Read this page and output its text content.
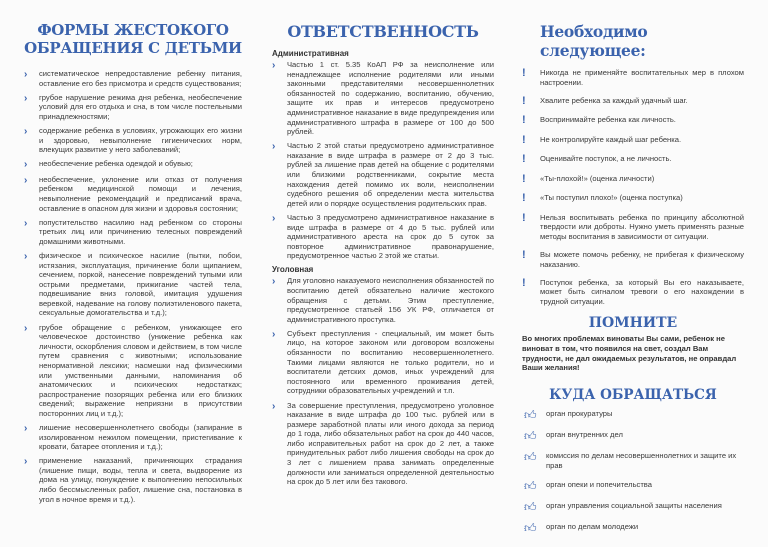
ФОРМЫ ЖЕСТОКОГО ОБРАЩЕНИЯ С ДЕТЬМИ
›	систематическое непредоставление ребенку питания, оставление его без присмотра и средств существования;
›	грубое нарушение режима дня ребенка, необеспечение условий для его отдыха и сна, в том числе постельными принадлежностями;
›	содержание ребенка в условиях, угрожающих его жизни и здоровью, невыполнение гигиенических норм, влекущих развитие у него заболеваний;
›	необеспечение ребенка одеждой и обувью;
›	необеспечение, уклонение или отказ от получения ребенком медицинской помощи и лечения, невыполнение рекомендаций и предписаний врача, оставление в опасном для жизни и здоровья состоянии;
›	попустительство насилию над ребенком со стороны третьих лиц или причинению телесных повреждений домашними животными.
›	физическое и психическое насилие (пытки, побои, истязания, эксплуатация, причинение боли щипанием, сечением, поркой, нанесение повреждений тупыми или острыми предметами, прижигание частей тела, подвешивание вниз головой, имитация удушения веревкой, надевание на голову полиэтиленового пакета, сексуальные домогательства и т.д.);
›	грубое обращение с ребенком, унижающее его человеческое достоинство (унижение ребенка как личности, оскорбления словом и действием, в том числе путем сравнения с животными; использование ненормативной лексики; насмешки над физическими или умственными данными, напоминания об анатомических и психических недостатках; распространение позорящих ребенка или его близких сведений; выражение неприязни в присутствии посторонних лиц и т.д.);
›	лишение несовершеннолетнего свободы (запирание в изолированном нежилом помещении, пристегивание к кровати, батарее отопления и т.д.);
›	применение наказаний, причиняющих страдания (лишение пищи, воды, тепла и света, выдворение из дома на улицу, понуждение к выполнению непосильных либо бессмысленных работ, лишение сна, постановка в угол в ночное время и т.д.).
ОТВЕТСТВЕННОСТЬ
Административная
›	Частью 1 ст. 5.35 КоАП РФ за неисполнение или ненадлежащее исполнение родителями или иными законными представителями несовершеннолетних обязанностей по содержанию, воспитанию, обучению, защите их прав и интересов предусмотрено административное наказание в виде предупреждения или административного штрафа в размере от 100 до 500 рублей.
›	Частью 2 этой статьи предусмотрено административное наказание в виде штрафа в размере от 2 до 3 тыс. рублей за лишение прав детей на общение с родителями или близкими родственниками, сокрытие места нахождения детей помимо их воли, неисполнении судебного решения об определении места жительства детей или о порядке осуществления родительских прав.
›	Частью 3 предусмотрено административное наказание в виде штрафа в размере от 4 до 5 тыс. рублей или административного ареста на срок до 5 суток за повторное административное правонарушение, предусмотренное частью 2 этой же статьи.
Уголовная
›	Для уголовно наказуемого неисполнения обязанностей по воспитанию детей обязательно наличие жестокого обращения с детьми. Этим преступление, предусмотренное статьей 156 УК РФ, отличается от административного проступка.
›	Субъект преступления - специальный, им может быть лицо, на которое законом или договором возложены обязанности по воспитанию несовершеннолетнего. Такими лицами являются не только родители, но и воспитатели детских домов, иных учреждений для постоянного или временного проживания детей, сотрудники образовательных учреждений и т.п.
›	За совершение преступления, предусмотрено уголовное наказание в виде штрафа до 100 тыс. рублей или в размере заработной платы или иного дохода за период до 1 года, либо обязательных работ на срок до 440 часов, либо исправительных работ на срок до 2 лет, а также принудительных работ либо лишения свободы на срок до 3 лет с лишением права занимать определенные должности или заниматься определенной деятельностью на срок до 5 лет или без такового.
Необходимо следующее:
!	Никогда не применяйте воспитательных мер в плохом настроении.
!	Хвалите ребенка за каждый удачный шаг.
!	Воспринимайте ребенка как личность.
!	Не контролируйте каждый шаг ребенка.
!	Оценивайте поступок, а не личность.
!	«Ты-плохой!» (оценка личности)
!	«Ты поступил плохо!» (оценка поступка)
!	Нельзя воспитывать ребенка по принципу абсолютной твердости или доброты. Нужно уметь применять разные методы воспитания в зависимости от ситуации.
!	Вы можете помочь ребенку, не прибегая к физическому наказанию.
!	Поступок ребенка, за который Вы его наказываете, может быть сигналом тревоги о его нахождении в трудной ситуации.
ПОМНИТЕ
Во многих проблемах виноваты Вы сами, ребенок не виноват в том, что появился на свет, создал Вам трудности, не дал ожидаемых результатов, не оправдал Ваши желания!
КУДА ОБРАЩАТЬСЯ
👍︎	орган прокуратуры
👍︎	орган внутренних дел
👍︎	комиссия по делам несовершеннолетних и защите их прав
👍︎	орган опеки и попечительства
👍︎	орган управления социальной защиты населения
👍︎	орган по делам молодежи
